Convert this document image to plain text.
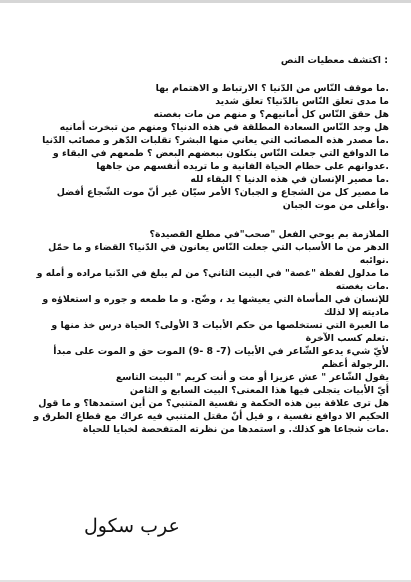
: اكتشف معطيات النص
.ما موقف النّاس من الدّنيا ؟ الارتباط و الاهتمام بها
ما مدى تعلق النّاس بالدّنيا؟ تعلق شديد
هل حقق النّاس كل أمانيهم؟ و منهم من مات بغصته
هل وجد النّاس السعادة المطلقة في هذه الدنيا؟ ومنهم من تبخرت أمانيه
.ما مصدر هذه المصائب التي يعاني منها البشر؟ تقلبات الدّهر و مصائب الدّنيا
ما الدوافع التي جعلت النّاس ينكلون ببعضهم البعض ؟ طمعهم في البقاء و
.عدوانهم على حطام الحياة الفانية و ما تريده أنفسهم من جاهها
.ما مصير الإنسان في هذه الدنيا ؟ البقاء لله
ما مصير كل من الشجاع و الجبان؟ الأمر سيّان غير أنّ موت الشّجاع أفضل
.وأغلى من موت الجبان
الملازمة بم يوحي الفعل "صحب"في مطلع القصيدة؟
الدهر من ما الأسباب التي جعلت النّاس يعانون في الدّنيا؟ القضاء و ما حمّل
.نوائبه
ما مدلول لفظة "غصة" في البيت الثاني؟ من لم يبلغ في الدّنيا مراده و أمله و
.مات بغصته
للإنسان في المأساة التي يعيشها يد ، وضّح. و ما طمعه و جوره و استعلاؤه و
ماديته إلا لذلك
ما العبرة التي تستخلصها من حكم الأبيات 3 الأولى؟ الحياة درس خذ منها و
.تعلم كسب الآخرة
لأيّ شيء يدعو الشّاعر في الأبيات (7- 8 -9) الموت حق و الموت على مبدأ
.الرجولة أعظم
يقول الشّاعر " عش عزيزا أو مت و أنت كريم " البيت التاسع
أيّ الأبيات يتجلى فيها هذا المعنى؟ البيت السابع و الثامن
هل ترى علاقة بين هذه الحكمة و نفسية المتنبي؟ من أين استمدها؟ و ما قول
الحكيم الا دوافع نفسية ، و قيل أنّ مقتل المتنبي فيه عراك مع قطاع الطرق و
.مات شجاعا هو كذلك. و استمدها من نظرته المتفحصة لخبايا للحياة
عرب سكول
